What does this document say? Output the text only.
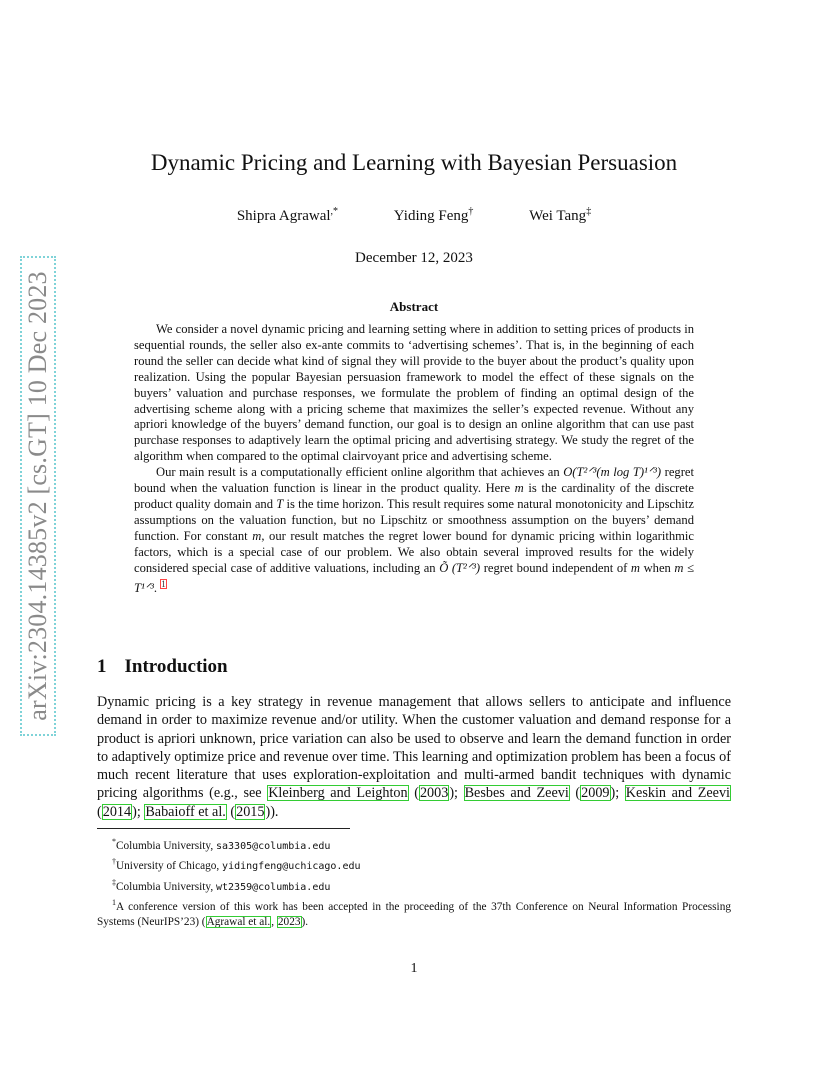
arXiv:2304.14385v2 [cs.GT] 10 Dec 2023
Dynamic Pricing and Learning with Bayesian Persuasion
Shipra Agrawal,*	Yiding Feng†	Wei Tang‡
December 12, 2023
Abstract

We consider a novel dynamic pricing and learning setting where in addition to setting prices of products in sequential rounds, the seller also ex-ante commits to ‘advertising schemes’. That is, in the beginning of each round the seller can decide what kind of signal they will provide to the buyer about the product’s quality upon realization. Using the popular Bayesian persuasion framework to model the effect of these signals on the buyers’ valuation and purchase responses, we formulate the problem of finding an optimal design of the advertising scheme along with a pricing scheme that maximizes the seller’s expected revenue. Without any apriori knowledge of the buyers’ demand function, our goal is to design an online algorithm that can use past purchase responses to adaptively learn the optimal pricing and advertising strategy. We study the regret of the algorithm when compared to the optimal clairvoyant price and advertising scheme.

Our main result is a computationally efficient online algorithm that achieves an O(T²ᐟ³(m log T)¹ᐟ³) regret bound when the valuation function is linear in the product quality. Here m is the cardinality of the discrete product quality domain and T is the time horizon. This result requires some natural monotonicity and Lipschitz assumptions on the valuation function, but no Lipschitz or smoothness assumption on the buyers’ demand function. For constant m, our result matches the regret lower bound for dynamic pricing within logarithmic factors, which is a special case of our problem. We also obtain several improved results for the widely considered special case of additive valuations, including an Õ (T²ᐟ³) regret bound independent of m when m ≤ T¹ᐟ³. $^1$

1 Introduction

Dynamic pricing is a key strategy in revenue management that allows sellers to anticipate and influence demand in order to maximize revenue and/or utility. When the customer valuation and demand response for a product is apriori unknown, price variation can also be used to observe and learn the demand function in order to adaptively optimize price and revenue over time. This learning and optimization problem has been a focus of much recent literature that uses exploration-exploitation and multi-armed bandit techniques with dynamic pricing algorithms (e.g., see Kleinberg and Leighton (2003); Besbes and Zeevi (2009); Keskin and Zeevi (2014); Babaioff et al. (2015)).

*Columbia University, sa3305@columbia.edu
†University of Chicago, yidingfeng@uchicago.edu
‡Columbia University, wt2359@columbia.edu
$^1$A conference version of this work has been accepted in the proceeding of the 37th Conference on Neural Information Processing Systems (NeurIPS’23) (Agrawal et al., 2023).
1
